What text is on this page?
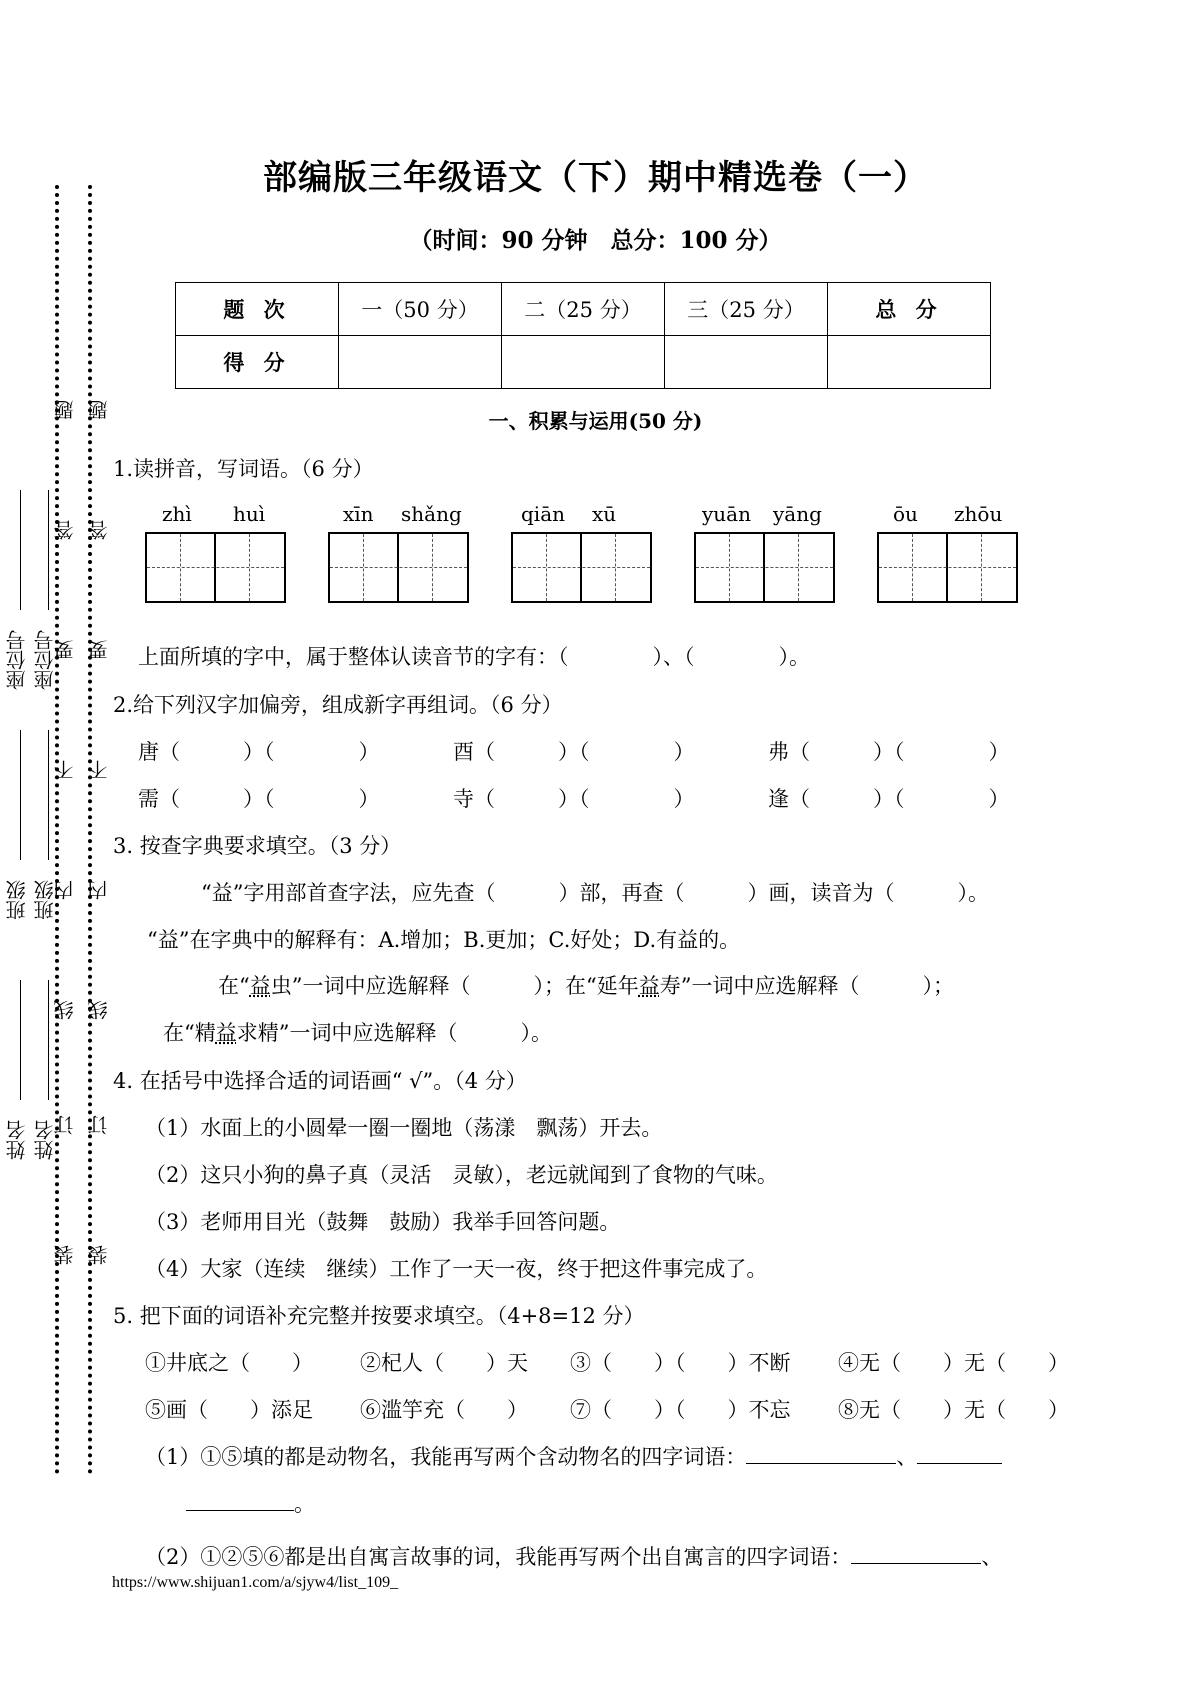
部编版三年级语文（下）期中精选卷（一）
（时间：90 分钟　总分：100 分）
题 次	一（50 分）	二（25 分）	三（25 分）	总 分
得 分				
座位号
班级
姓名
座位号
班级
姓名
题
答
要
不
内
线
订
装
题
答
要
不
内
线
订
装
一、积累与运用(50 分)
1.读拼音，写词语。（6 分）
zhì huì	xīn shǎng	qiān xū	yuān yāng	ōu zhōu
上面所填的字中，属于整体认读音节的字有：（　　　　）、（　　　　）。
2.给下列汉字加偏旁，组成新字再组词。（6 分）
唐（　　　）（　　　　）	酉（　　　）（　　　　）	弗（　　　）（　　　　）
需（　　　）（　　　　）	寺（　　　）（　　　　）	逢（　　　）（　　　　）
3. 按查字典要求填空。（3 分）
“益”字用部首查字法，应先查（　　　）部，再查（　　　）画，读音为（　　　）。
“益”在字典中的解释有：A.增加；B.更加；C.好处；D.有益的。
在“益虫”一词中应选解释（　　　）；在“延年益寿”一词中应选解释（　　　）；
在“精益求精”一词中应选解释（　　　）。
4. 在括号中选择合适的词语画“ √”。（4 分）
（1）水面上的小圆晕一圈一圈地（荡漾　飘荡）开去。
（2）这只小狗的鼻子真（灵活　灵敏），老远就闻到了食物的气味。
（3）老师用目光（鼓舞　鼓励）我举手回答问题。
（4）大家（连续　继续）工作了一天一夜，终于把这件事完成了。
5. 把下面的词语补充完整并按要求填空。（4+8=12 分）
①井底之（　　） ②杞人（　　）天 ③（　　）（　　）不断 ④无（　　）无（　　）
⑤画（　　）添足 ⑥滥竽充（　　） ⑦（　　）（　　）不忘 ⑧无（　　）无（　　）
（1）①⑤填的都是动物名，我能再写两个含动物名的四字词语：	、
。
（2）①②⑤⑥都是出自寓言故事的词，我能再写两个出自寓言的四字词语：	、
https://www.shijuan1.com/a/sjyw4/list_109_
